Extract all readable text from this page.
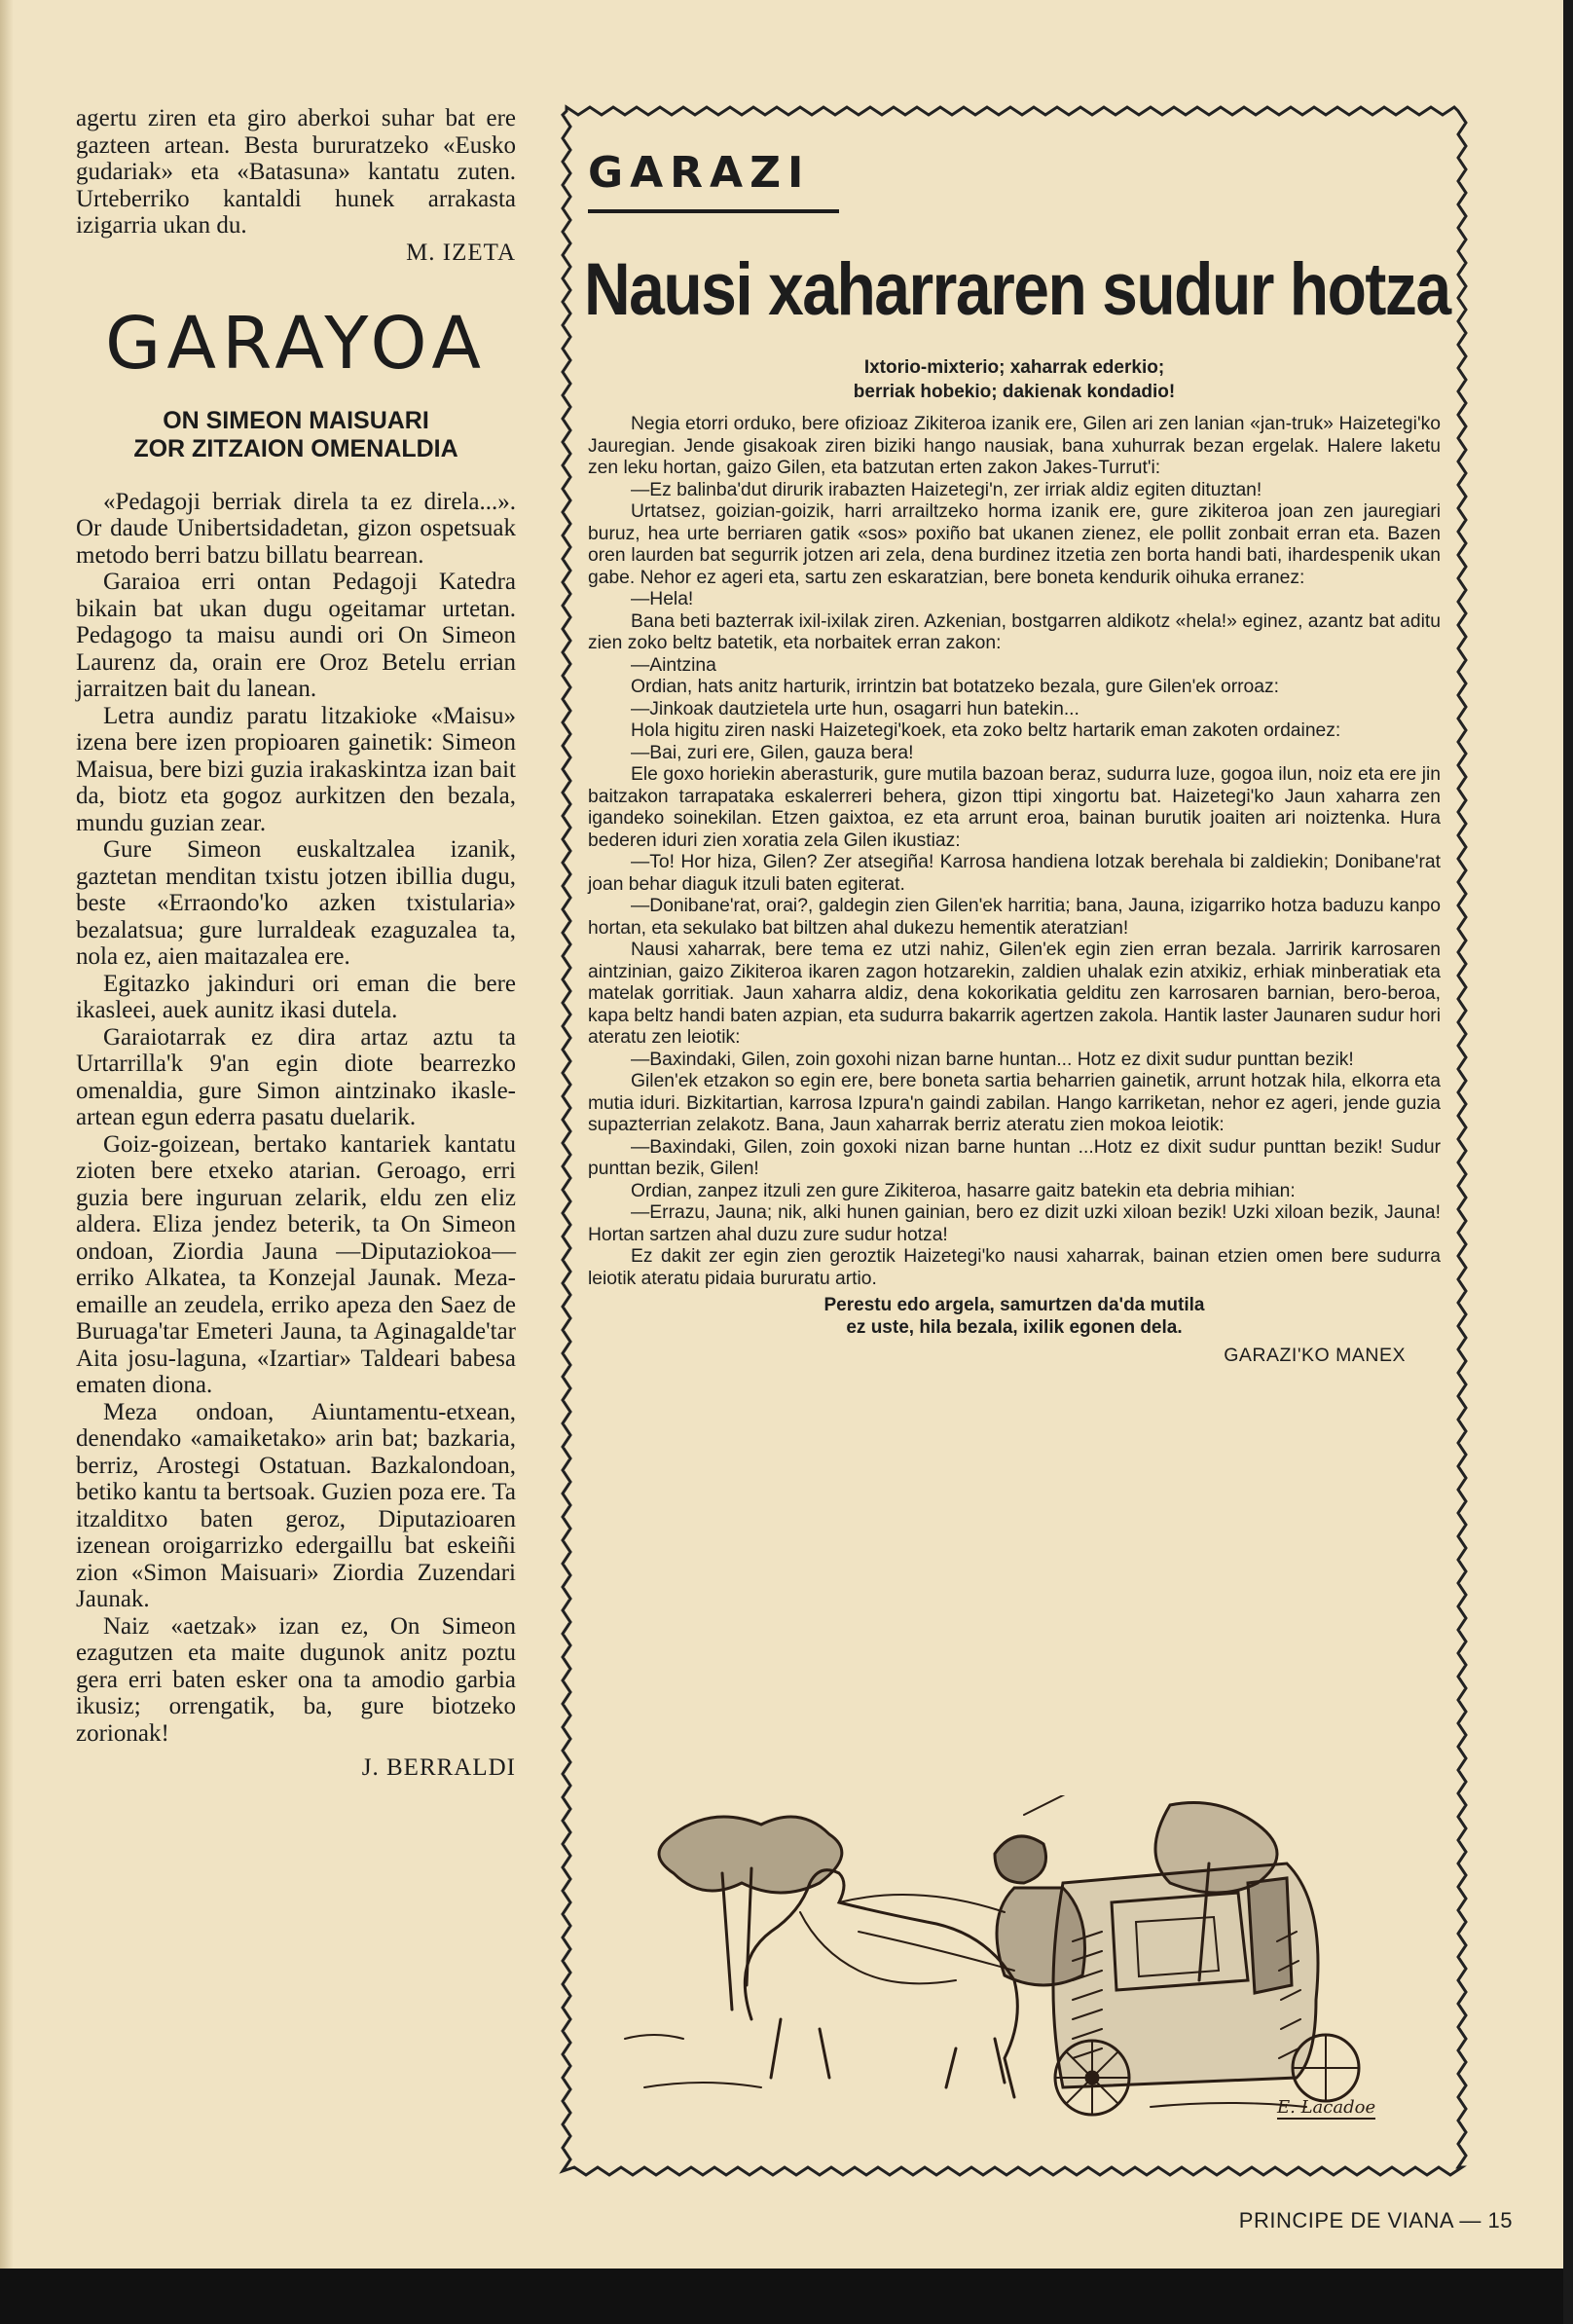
agertu ziren eta giro aberkoi suhar bat ere gazteen artean. Besta bururatzeko «Eusko gudariak» eta «Batasuna» kantatu zuten. Urteberriko kantaldi hunek arrakasta izigarria ukan du.

M. IZETA

GARAYOA

ON SIMEON MAISUARI
ZOR ZITZAION OMENALDIA

«Pedagoji berriak direla ta ez direla...». Or daude Unibertsidadetan, gizon ospetsuak metodo berri batzu billatu bearrean.

Garaioa erri ontan Pedagoji Katedra bikain bat ukan dugu ogeitamar urtetan. Pedagogo ta maisu aundi ori On Simeon Laurenz da, orain ere Oroz Betelu errian jarraitzen bait du lanean.

Letra aundiz paratu litzakioke «Maisu» izena bere izen propioaren gainetik: Simeon Maisua, bere bizi guzia irakaskintza izan bait da, biotz eta gogoz aurkitzen den bezala, mundu guzian zear.

Gure Simeon euskaltzalea izanik, gaztetan menditan txistu jotzen ibillia dugu, beste «Erraondo'ko azken txistularia» bezalatsua; gure lurraldeak ezaguzalea ta, nola ez, aien maitazalea ere.

Egitazko jakinduri ori eman die bere ikasleei, auek aunitz ikasi dutela.

Garaiotarrak ez dira artaz aztu ta Urtarrilla'k 9'an egin diote bearrezko omenaldia, gure Simon aintzinako ikasle-artean egun ederra pasatu duelarik.

Goiz-goizean, bertako kantariek kantatu zioten bere etxeko atarian. Geroago, erri guzia bere inguruan zelarik, eldu zen eliz aldera. Eliza jendez beterik, ta On Simeon ondoan, Ziordia Jauna —Diputaziokoa— erriko Alkatea, ta Konzejal Jaunak. Meza-emaille an zeudela, erriko apeza den Saez de Buruaga'tar Emeteri Jauna, ta Aginagalde'tar Aita josu-laguna, «Izartiar» Taldeari babesa ematen diona.

Meza ondoan, Aiuntamentu-etxean, denendako «amaiketako» arin bat; bazkaria, berriz, Arostegi Ostatuan. Bazkalondoan, betiko kantu ta bertsoak. Guzien poza ere. Ta itzalditxo baten geroz, Diputazioaren izenean oroigarrizko edergaillu bat eskeiñi zion «Simon Maisuari» Ziordia Zuzendari Jaunak.

Naiz «aetzak» izan ez, On Simeon ezagutzen eta maite dugunok anitz poztu gera erri baten esker ona ta amodio garbia ikusiz; orrengatik, ba, gure biotzeko zorionak!

J. BERRALDI

GARAZI
Nausi xaharraren sudur hotza

Ixtorio-mixterio; xaharrak ederkio;
berriak hobekio; dakienak kondadio!

Negia etorri orduko, bere ofizioaz Zikiteroa izanik ere, Gilen ari zen lanian «jan-truk» Haizetegi'ko Jauregian. Jende gisakoak ziren biziki hango nausiak, bana xuhurrak bezan ergelak. Halere laketu zen leku hortan, gaizo Gilen, eta batzutan erten zakon Jakes-Turrut'i:

—Ez balinba'dut dirurik irabazten Haizetegi'n, zer irriak aldiz egiten dituztan!

Urtatsez, goizian-goizik, harri arrailtzeko horma izanik ere, gure zikiteroa joan zen jauregiari buruz, hea urte berriaren gatik «sos» poxiño bat ukanen zienez, ele pollit zonbait erran eta. Bazen oren laurden bat segurrik jotzen ari zela, dena burdinez itzetia zen borta handi bati, ihardespenik ukan gabe. Nehor ez ageri eta, sartu zen eskaratzian, bere boneta kendurik oihuka erranez:

—Hela!

Bana beti bazterrak ixil-ixilak ziren. Azkenian, bostgarren aldikotz «hela!» eginez, azantz bat aditu zien zoko beltz batetik, eta norbaitek erran zakon:

—Aintzina

Ordian, hats anitz harturik, irrintzin bat botatzeko bezala, gure Gilen'ek orroaz:

—Jinkoak dautzietela urte hun, osagarri hun batekin...

Hola higitu ziren naski Haizetegi'koek, eta zoko beltz hartarik eman zakoten ordainez:

—Bai, zuri ere, Gilen, gauza bera!

Ele goxo horiekin aberasturik, gure mutila bazoan beraz, sudurra luze, gogoa ilun, noiz eta ere jin baitzakon tarrapataka eskalerreri behera, gizon ttipi xingortu bat. Haizetegi'ko Jaun xaharra zen igandeko soinekilan. Etzen gaixtoa, ez eta arrunt eroa, bainan burutik joaiten ari noiztenka. Hura bederen iduri zien xoratia zela Gilen ikustiaz:

—To! Hor hiza, Gilen? Zer atsegiña! Karrosa handiena lotzak berehala bi zaldiekin; Donibane'rat joan behar diaguk itzuli baten egiterat.

—Donibane'rat, orai?, galdegin zien Gilen'ek harritia; bana, Jauna, izigarriko hotza baduzu kanpo hortan, eta sekulako bat biltzen ahal dukezu hementik ateratzian!

Nausi xaharrak, bere tema ez utzi nahiz, Gilen'ek egin zien erran bezala. Jarririk karrosaren aintzinian, gaizo Zikiteroa ikaren zagon hotzarekin, zaldien uhalak ezin atxikiz, erhiak minberatiak eta matelak gorritiak. Jaun xaharra aldiz, dena kokorikatia gelditu zen karrosaren barnian, bero-beroa, kapa beltz handi baten azpian, eta sudurra bakarrik agertzen zakola. Hantik laster Jaunaren sudur hori ateratu zen leiotik:

—Baxindaki, Gilen, zoin goxohi nizan barne huntan... Hotz ez dixit sudur punttan bezik!

Gilen'ek etzakon so egin ere, bere boneta sartia beharrien gainetik, arrunt hotzak hila, elkorra eta mutia iduri. Bizkitartian, karrosa Izpura'n gaindi zabilan. Hango karriketan, nehor ez ageri, jende guzia supazterrian zelakotz. Bana, Jaun xaharrak berriz ateratu zien mokoa leiotik:

—Baxindaki, Gilen, zoin goxoki nizan barne huntan ...Hotz ez dixit sudur punttan bezik! Sudur punttan bezik, Gilen!

Ordian, zanpez itzuli zen gure Zikiteroa, hasarre gaitz batekin eta debria mihian:

—Errazu, Jauna; nik, alki hunen gainian, bero ez dizit uzki xiloan bezik! Uzki xiloan bezik, Jauna! Hortan sartzen ahal duzu zure sudur hotza!

Ez dakit zer egin zien geroztik Haizetegi'ko nausi xaharrak, bainan etzien omen bere sudurra leiotik ateratu pidaia bururatu artio.

Perestu edo argela, samurtzen da'da mutila
ez uste, hila bezala, ixilik egonen dela.

GARAZI'KO MANEX

E. Lacadoe
PRINCIPE DE VIANA — 15
